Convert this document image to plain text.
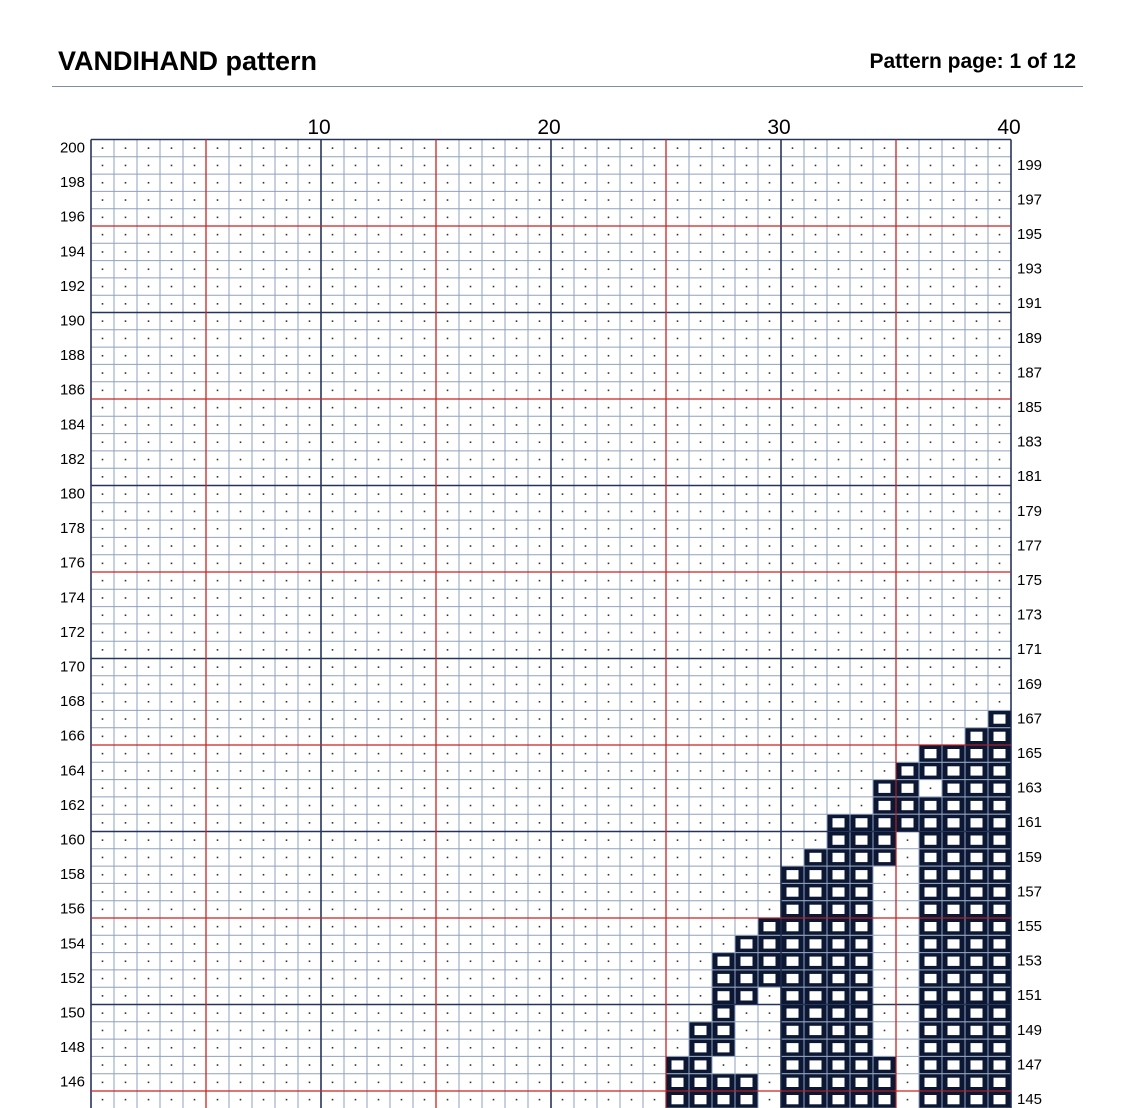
VANDIHAND pattern	Pattern page: 1 of 12
10	20	30	40
200
198
196
194
192
190
188
186
184
182
180
178
176
174
172
170
168
166
164
162
160
158
156
154
152
150
148
146
199
197
195
193
191
189
187
185
183
181
179
177
175
173
171
169
167
165
163
161
159
157
155
153
151
149
147
145
